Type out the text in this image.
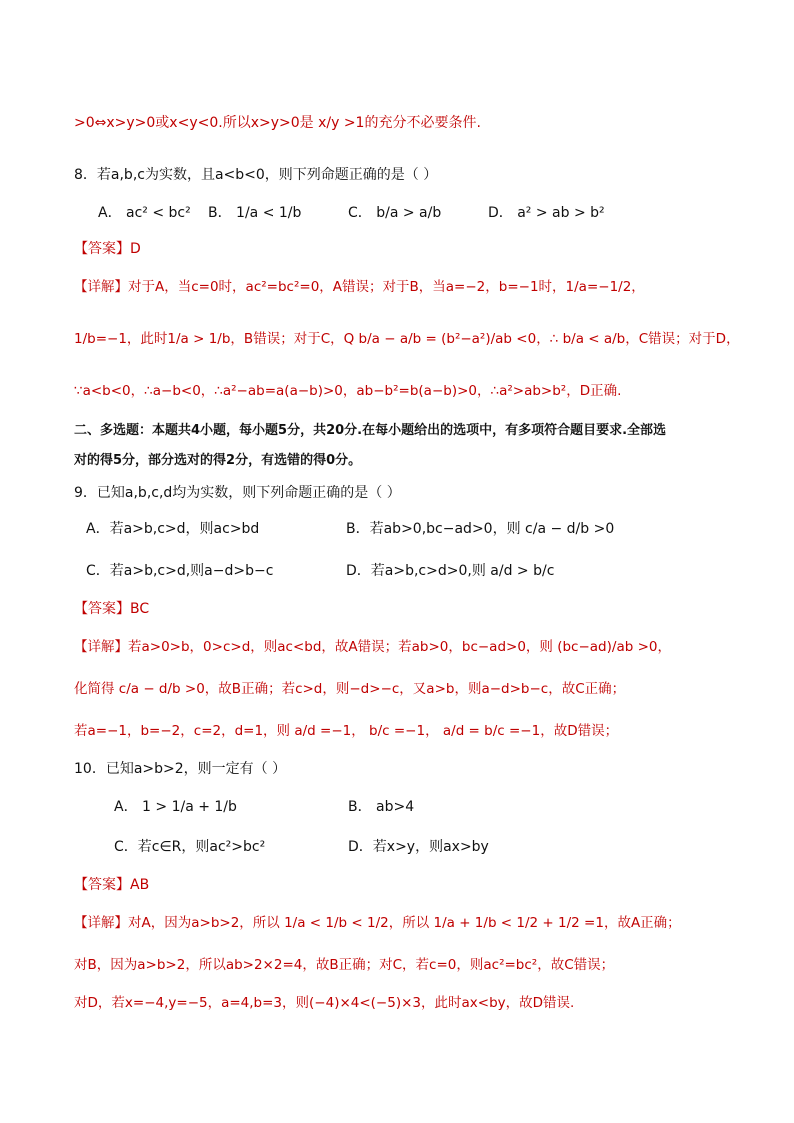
>0⇔x>y>0或x<y<0.所以x>y>0是 x/y >1的充分不必要条件.
8．若a,b,c为实数，且a<b<0，则下列命题正确的是（ ）
A． ac² < bc² B． 1/a < 1/b	C． b/a > a/b	D． a² > ab > b²
【答案】D
【详解】对于A，当c=0时，ac²=bc²=0，A错误；对于B，当a=−2，b=−1时，1/a=−1/2，
1/b=−1，此时1/a > 1/b，B错误；对于C，Q b/a − a/b = (b²−a²)/ab <0，∴ b/a < a/b，C错误；对于D，
∵a<b<0，∴a−b<0，∴a²−ab=a(a−b)>0，ab−b²=b(a−b)>0，∴a²>ab>b²，D正确.
二、多选题：本题共4小题，每小题5分，共20分.在每小题给出的选项中，有多项符合题目要求.全部选
对的得5分，部分选对的得2分，有选错的得0分。
9．已知a,b,c,d均为实数，则下列命题正确的是（ ）
A．若a>b,c>d，则ac>bd	B．若ab>0,bc−ad>0，则 c/a − d/b >0
C．若a>b,c>d,则a−d>b−c	D．若a>b,c>d>0,则 a/d > b/c
【答案】BC
【详解】若a>0>b，0>c>d，则ac<bd，故A错误；若ab>0，bc−ad>0，则 (bc−ad)/ab >0，
化简得 c/a − d/b >0，故B正确；若c>d，则−d>−c，又a>b，则a−d>b−c，故C正确；
若a=−1，b=−2，c=2，d=1，则 a/d =−1， b/c =−1， a/d = b/c =−1，故D错误；
10．已知a>b>2，则一定有（ ）
A． 1 > 1/a + 1/b	B． ab>4
C．若c∈R，则ac²>bc²	D．若x>y，则ax>by
【答案】AB
【详解】对A，因为a>b>2，所以 1/a < 1/b < 1/2，所以 1/a + 1/b < 1/2 + 1/2 =1，故A正确；
对B，因为a>b>2，所以ab>2×2=4，故B正确；对C，若c=0，则ac²=bc²，故C错误；
对D，若x=−4,y=−5，a=4,b=3，则(−4)×4<(−5)×3，此时ax<by，故D错误.
